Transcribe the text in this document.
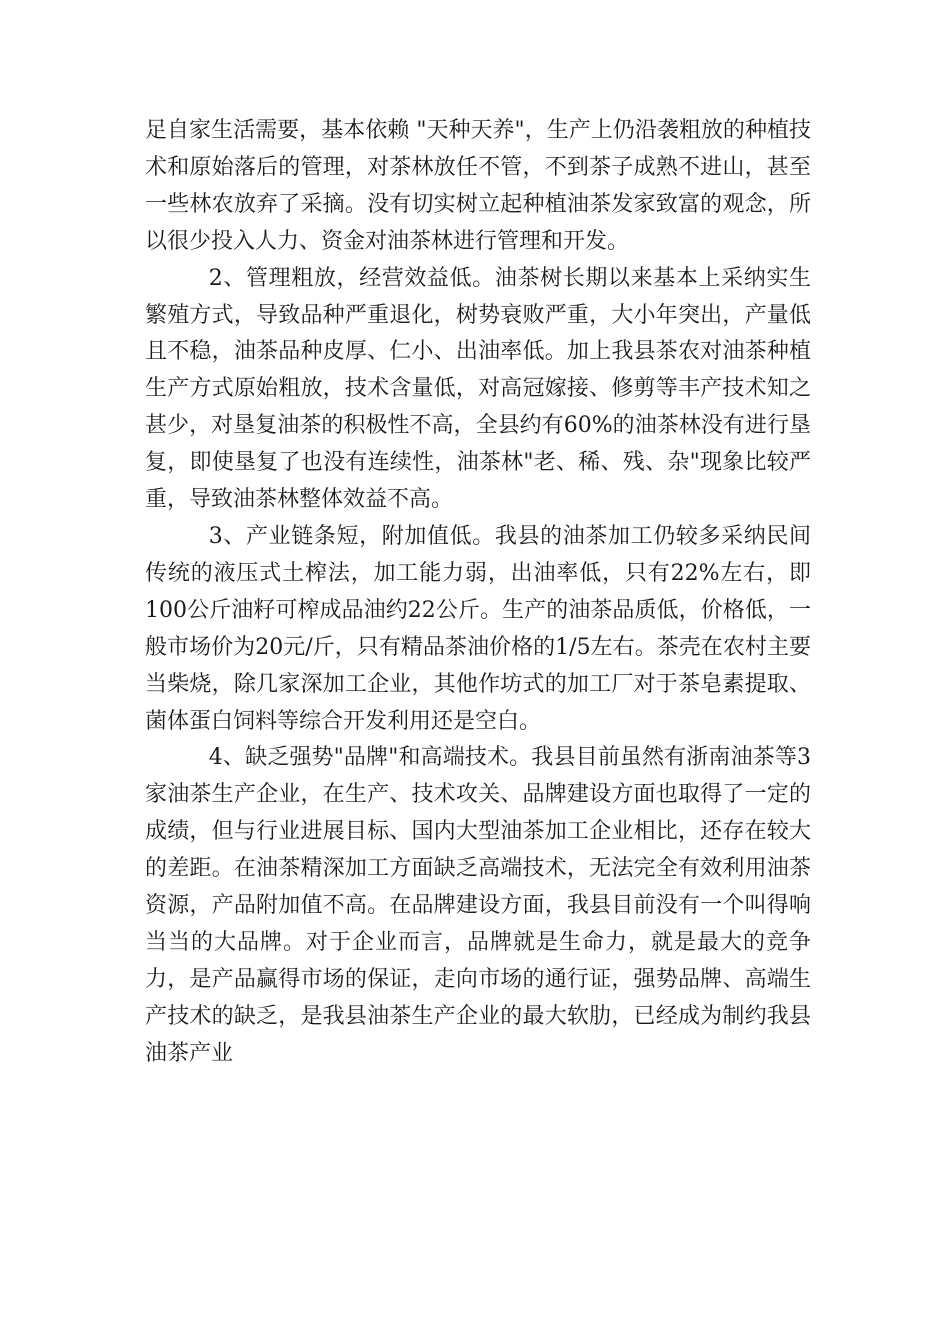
足自家生活需要，基本依赖 "天种天养"，生产上仍沿袭粗放的种植技术和原始落后的管理，对茶林放任不管，不到茶子成熟不进山，甚至一些林农放弃了采摘。没有切实树立起种植油茶发家致富的观念，所以很少投入人力、资金对油茶林进行管理和开发。

2、管理粗放，经营效益低。油茶树长期以来基本上采纳实生繁殖方式，导致品种严重退化，树势衰败严重，大小年突出，产量低且不稳，油茶品种皮厚、仁小、出油率低。加上我县茶农对油茶种植生产方式原始粗放，技术含量低，对高冠嫁接、修剪等丰产技术知之甚少，对垦复油茶的积极性不高，全县约有60%的油茶林没有进行垦复，即使垦复了也没有连续性，油茶林"老、稀、残、杂"现象比较严重，导致油茶林整体效益不高。

3、产业链条短，附加值低。我县的油茶加工仍较多采纳民间传统的液压式土榨法，加工能力弱，出油率低，只有22%左右，即100公斤油籽可榨成品油约22公斤。生产的油茶品质低，价格低，一般市场价为20元/斤，只有精品茶油价格的1/5左右。茶壳在农村主要当柴烧，除几家深加工企业，其他作坊式的加工厂对于茶皂素提取、菌体蛋白饲料等综合开发利用还是空白。

4、缺乏强势"品牌"和高端技术。我县目前虽然有浙南油茶等3家油茶生产企业，在生产、技术攻关、品牌建设方面也取得了一定的成绩，但与行业进展目标、国内大型油茶加工企业相比，还存在较大的差距。在油茶精深加工方面缺乏高端技术，无法完全有效利用油茶资源，产品附加值不高。在品牌建设方面，我县目前没有一个叫得响当当的大品牌。对于企业而言，品牌就是生命力，就是最大的竞争力，是产品赢得市场的保证，走向市场的通行证，强势品牌、高端生产技术的缺乏，是我县油茶生产企业的最大软肋，已经成为制约我县油茶产业
